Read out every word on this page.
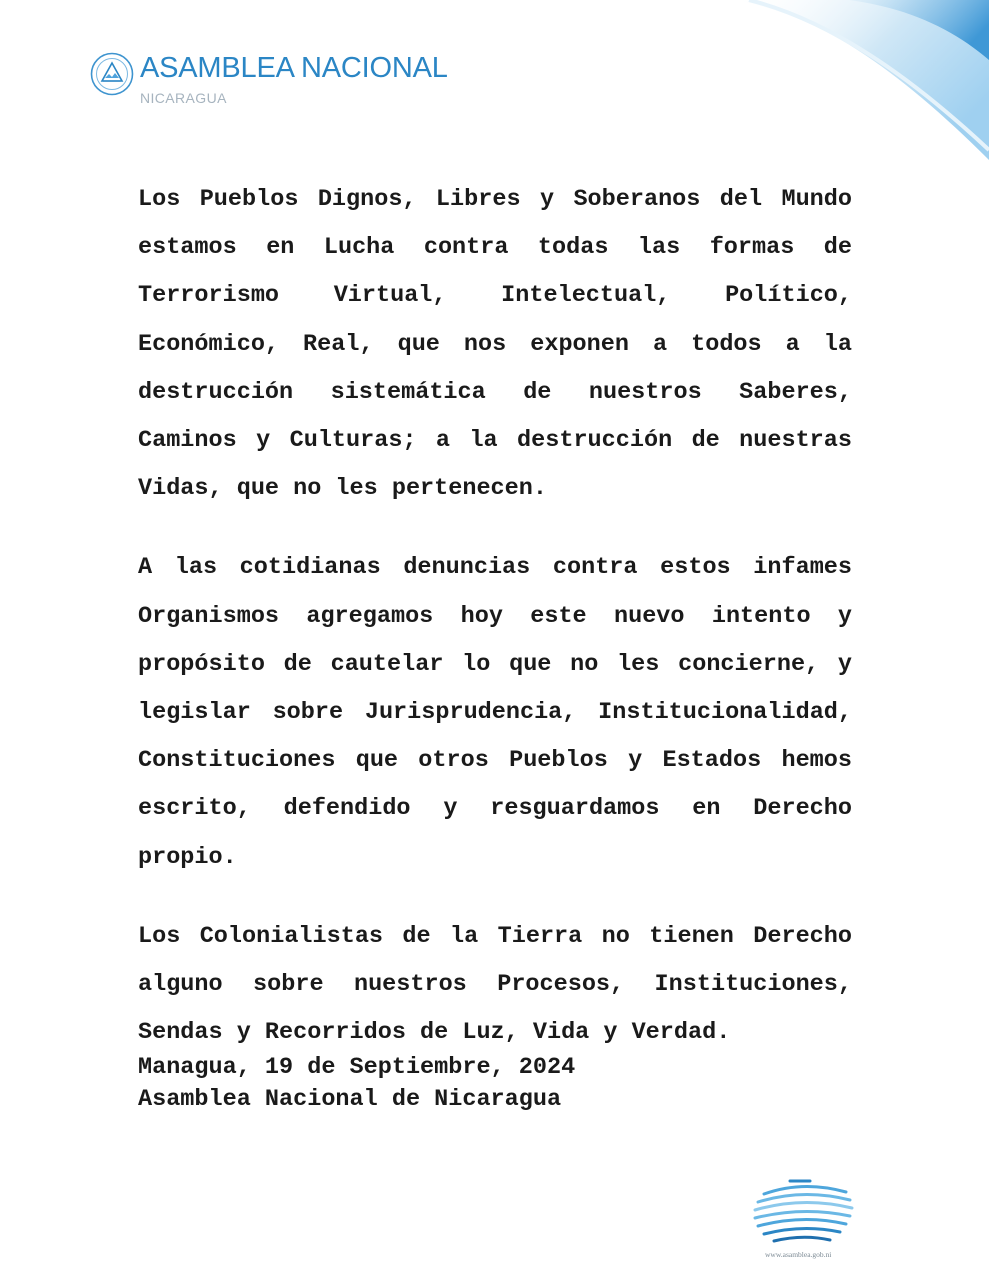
ASAMBLEA NACIONAL
NICARAGUA

Los Pueblos Dignos, Libres y Soberanos del Mundo estamos en Lucha contra todas las formas de Terrorismo Virtual, Intelectual, Político, Económico, Real, que nos exponen a todos a la destrucción sistemática de nuestros Saberes, Caminos y Culturas; a la destrucción de nuestras Vidas, que no les pertenecen.

A las cotidianas denuncias contra estos infames Organismos agregamos hoy este nuevo intento y propósito de cautelar lo que no les concierne, y legislar sobre Jurisprudencia, Institucionalidad, Constituciones que otros Pueblos y Estados hemos escrito, defendido y resguardamos en Derecho propio.

Los Colonialistas de la Tierra no tienen Derecho alguno sobre nuestros Procesos, Instituciones, Sendas y Recorridos de Luz, Vida y Verdad.

Managua, 19 de Septiembre, 2024
Asamblea Nacional de Nicaragua
www.asamblea.gob.ni
